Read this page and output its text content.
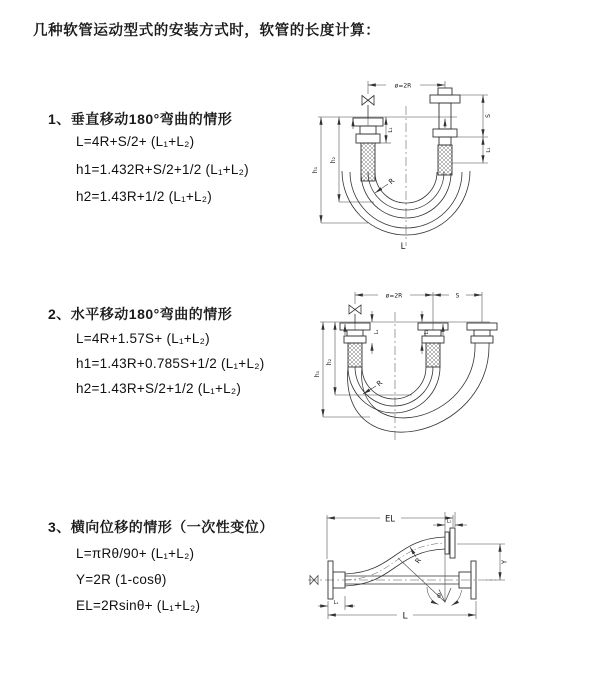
几种软管运动型式的安装方式时，软管的长度计算：
1、垂直移动180°弯曲的情形
L=4R+S/2+ (L₁+L₂)
h1=1.432R+S/2+1/2 (L₁+L₂)
h2=1.43R+1/2 (L₁+L₂)
2、水平移动180°弯曲的情形
L=4R+1.57S+ (L₁+L₂)
h1=1.43R+0.785S+1/2 (L₁+L₂)
h2=1.43R+S/2+1/2 (L₁+L₂)
3、横向位移的情形（一次性变位）
L=πRθ/90+ (L₁+L₂)
Y=2R (1-cosθ)
EL=2Rsinθ+ (L₁+L₂)
ø=2R
L₁
S
L₁
h₁
h₂
R
L
ø=2R	S
L₁	L₁
h₁
h₂
R
EL	L₁
Y
L
L₁
R
θ
